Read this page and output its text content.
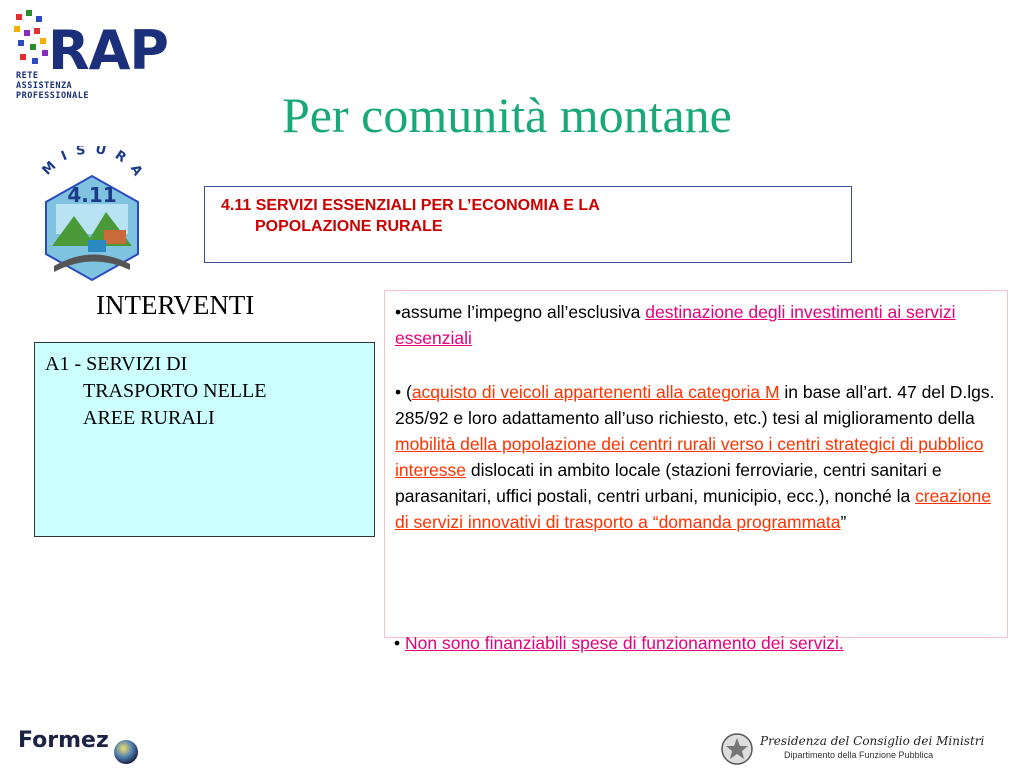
RAP
RETE
ASSISTENZA
PROFESSIONALE	Per comunità montane
MISURA
4.11	4.11 SERVIZI ESSENZIALI PER L’ECONOMIA E LA
POPOLAZIONE RURALE
INTERVENTI
A1 - SERVIZI DI
TRASPORTO NELLE
AREE RURALI

•assume l’impegno all’esclusiva destinazione degli investimenti ai servizi essenziali

• (acquisto di veicoli appartenenti alla categoria M in base all’art. 47 del D.lgs. 285/92 e loro adattamento all’uso richiesto, etc.) tesi al miglioramento della mobilità della popolazione dei centri rurali verso i centri strategici di pubblico interesse dislocati in ambito locale (stazioni ferroviarie, centri sanitari e parasanitari, uffici postali, centri urbani, municipio, ecc.), nonché la creazione di servizi innovativi di trasporto a “domanda programmata”

• Non sono finanziabili spese di funzionamento dei servizi.
Formez	Presidenza del Consiglio dei Ministri
Dipartimento della Funzione Pubblica
